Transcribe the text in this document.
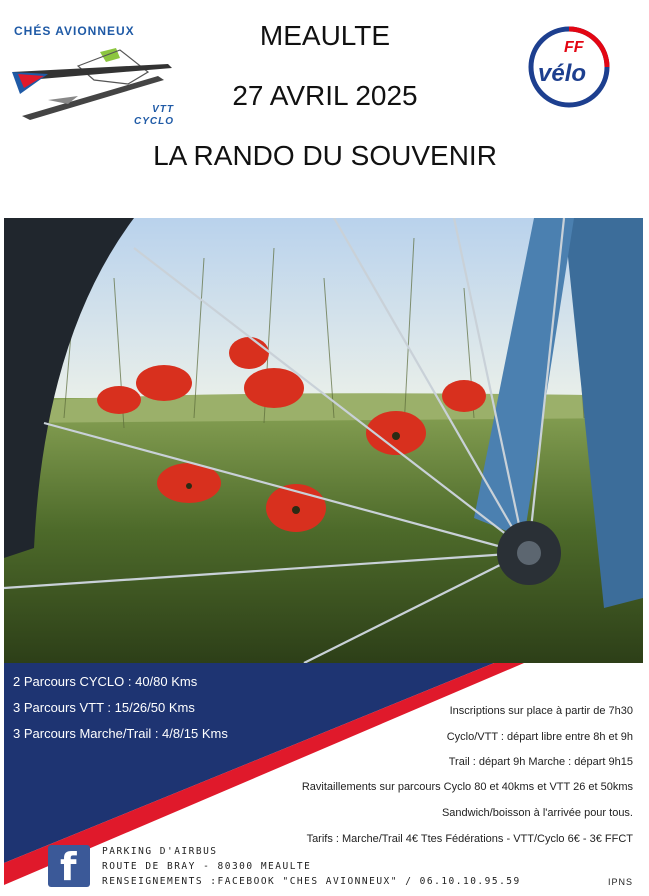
CHÉS AVIONNEUX
VTT
CYCLO
MEAULTE
27 AVRIL 2025
LA RANDO DU SOUVENIR
FF
vélo
2 Parcours CYCLO : 40/80 Kms
3 Parcours VTT : 15/26/50 Kms
3 Parcours Marche/Trail : 4/8/15 Kms
Inscriptions sur place à partir de 7h30
Cyclo/VTT : départ libre entre 8h et 9h
Trail : départ 9h Marche : départ 9h15
Ravitaillements sur parcours Cyclo 80 et 40kms et VTT 26 et 50kms
Sandwich/boisson à l'arrivée pour tous.
Tarifs : Marche/Trail 4€ Ttes Fédérations - VTT/Cyclo 6€ - 3€ FFCT
f	PARKING D'AIRBUS
ROUTE DE BRAY - 80300 MEAULTE
RENSEIGNEMENTS :FACEBOOK "CHES AVIONNEUX" / 06.10.10.95.59	IPNS
